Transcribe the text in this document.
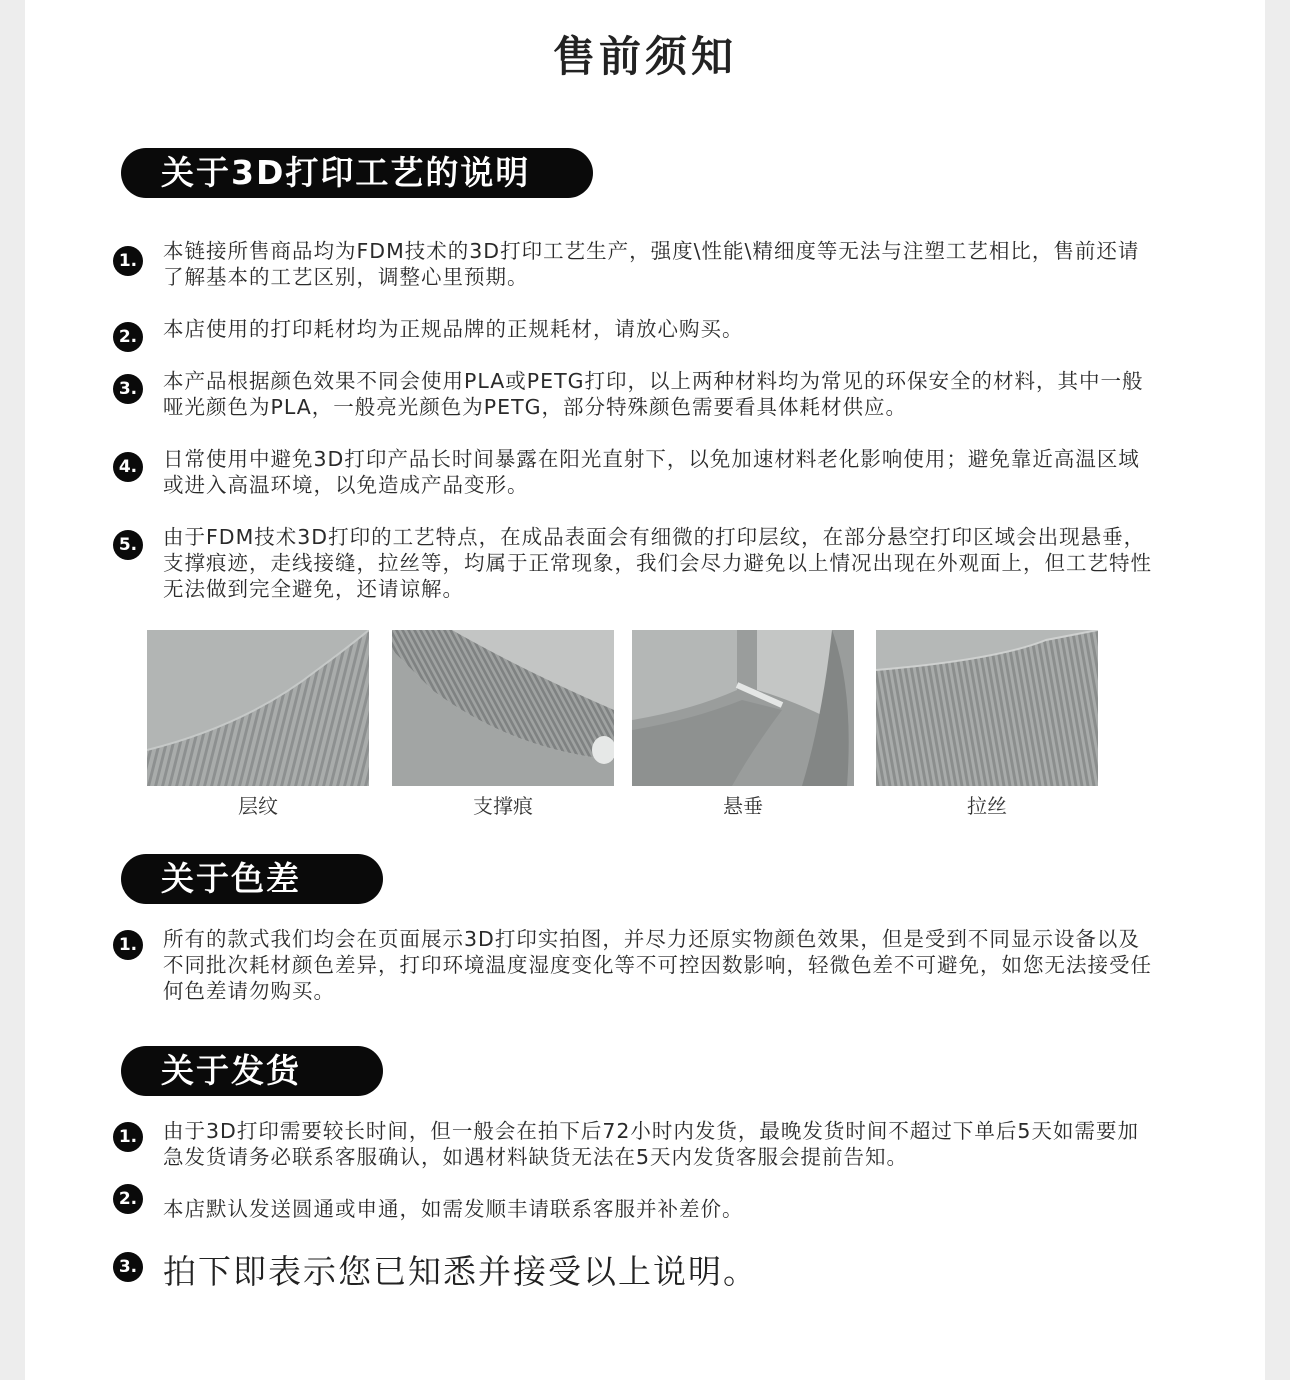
售前须知
关于3D打印工艺的说明
1. 本链接所售商品均为FDM技术的3D打印工艺生产，强度\性能\精细度等无法与注塑工艺相比，售前还请了解基本的工艺区别，调整心里预期。
2. 本店使用的打印耗材均为正规品牌的正规耗材，请放心购买。
3. 本产品根据颜色效果不同会使用PLA或PETG打印，以上两种材料均为常见的环保安全的材料，其中一般哑光颜色为PLA，一般亮光颜色为PETG，部分特殊颜色需要看具体耗材供应。
4. 日常使用中避免3D打印产品长时间暴露在阳光直射下，以免加速材料老化影响使用；避免靠近高温区域或进入高温环境，以免造成产品变形。
5. 由于FDM技术3D打印的工艺特点，在成品表面会有细微的打印层纹，在部分悬空打印区域会出现悬垂，支撑痕迹，走线接缝，拉丝等，均属于正常现象，我们会尽力避免以上情况出现在外观面上，但工艺特性无法做到完全避免，还请谅解。
层纹	支撑痕	悬垂	拉丝
关于色差
1. 所有的款式我们均会在页面展示3D打印实拍图，并尽力还原实物颜色效果，但是受到不同显示设备以及不同批次耗材颜色差异，打印环境温度湿度变化等不可控因数影响，轻微色差不可避免，如您无法接受任何色差请勿购买。
关于发货
1. 由于3D打印需要较长时间，但一般会在拍下后72小时内发货，最晚发货时间不超过下单后5天如需要加急发货请务必联系客服确认，如遇材料缺货无法在5天内发货客服会提前告知。
2. 本店默认发送圆通或申通，如需发顺丰请联系客服并补差价。
3. 拍下即表示您已知悉并接受以上说明。
